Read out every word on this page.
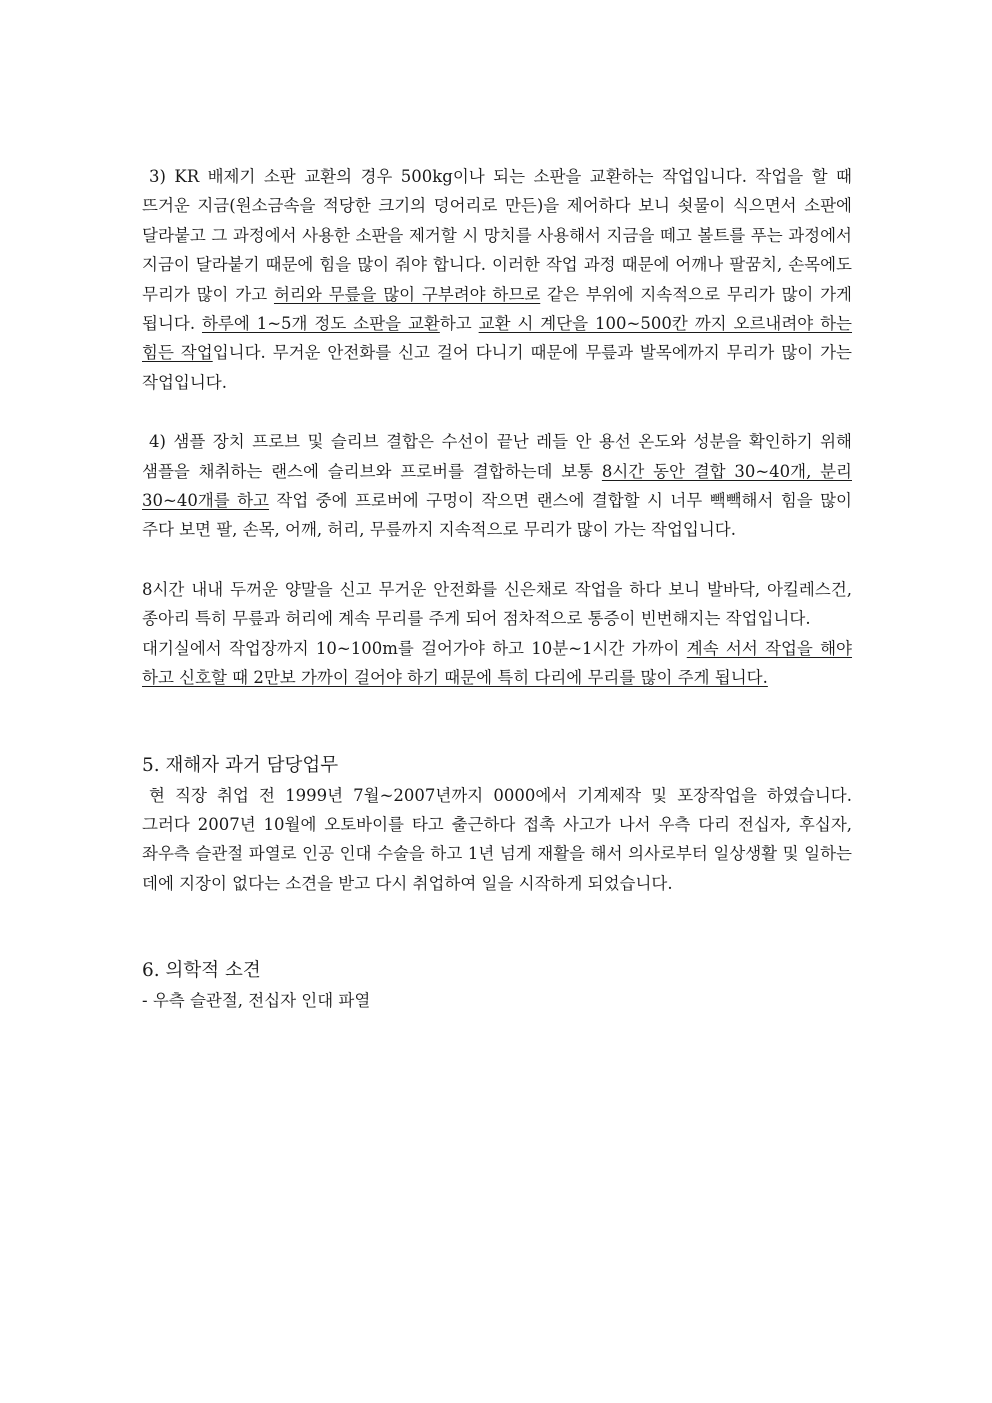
3) KR 배제기 소판 교환의 경우 500kg이나 되는 소판을 교환하는 작업입니다. 작업을 할 때 뜨거운 지금(원소금속을 적당한 크기의 덩어리로 만든)을 제어하다 보니 쇳물이 식으면서 소판에 달라붙고 그 과정에서 사용한 소판을 제거할 시 망치를 사용해서 지금을 떼고 볼트를 푸는 과정에서 지금이 달라붙기 때문에 힘을 많이 줘야 합니다. 이러한 작업 과정 때문에 어깨나 팔꿈치, 손목에도 무리가 많이 가고 허리와 무릎을 많이 구부려야 하므로 같은 부위에 지속적으로 무리가 많이 가게 됩니다. 하루에 1~5개 정도 소판을 교환하고 교환 시 계단을 100~500칸 까지 오르내려야 하는 힘든 작업입니다. 무거운 안전화를 신고 걸어 다니기 때문에 무릎과 발목에까지 무리가 많이 가는 작업입니다.

4) 샘플 장치 프로브 및 슬리브 결합은 수선이 끝난 레들 안 용선 온도와 성분을 확인하기 위해 샘플을 채취하는 랜스에 슬리브와 프로버를 결합하는데 보통 8시간 동안 결합 30~40개, 분리 30~40개를 하고 작업 중에 프로버에 구멍이 작으면 랜스에 결합할 시 너무 빽빽해서 힘을 많이 주다 보면 팔, 손목, 어깨, 허리, 무릎까지 지속적으로 무리가 많이 가는 작업입니다.

8시간 내내 두꺼운 양말을 신고 무거운 안전화를 신은채로 작업을 하다 보니 발바닥, 아킬레스건, 종아리 특히 무릎과 허리에 계속 무리를 주게 되어 점차적으로 통증이 빈번해지는 작업입니다.

대기실에서 작업장까지 10~100m를 걸어가야 하고 10분~1시간 가까이 계속 서서 작업을 해야 하고 신호할 때 2만보 가까이 걸어야 하기 때문에 특히 다리에 무리를 많이 주게 됩니다.

5. 재해자 과거 담당업무

현 직장 취업 전 1999년 7월~2007년까지 0000에서 기계제작 및 포장작업을 하였습니다. 그러다 2007년 10월에 오토바이를 타고 출근하다 접촉 사고가 나서 우측 다리 전십자, 후십자, 좌우측 슬관절 파열로 인공 인대 수술을 하고 1년 넘게 재활을 해서 의사로부터 일상생활 및 일하는 데에 지장이 없다는 소견을 받고 다시 취업하여 일을 시작하게 되었습니다.

6. 의학적 소견

- 우측 슬관절, 전십자 인대 파열
